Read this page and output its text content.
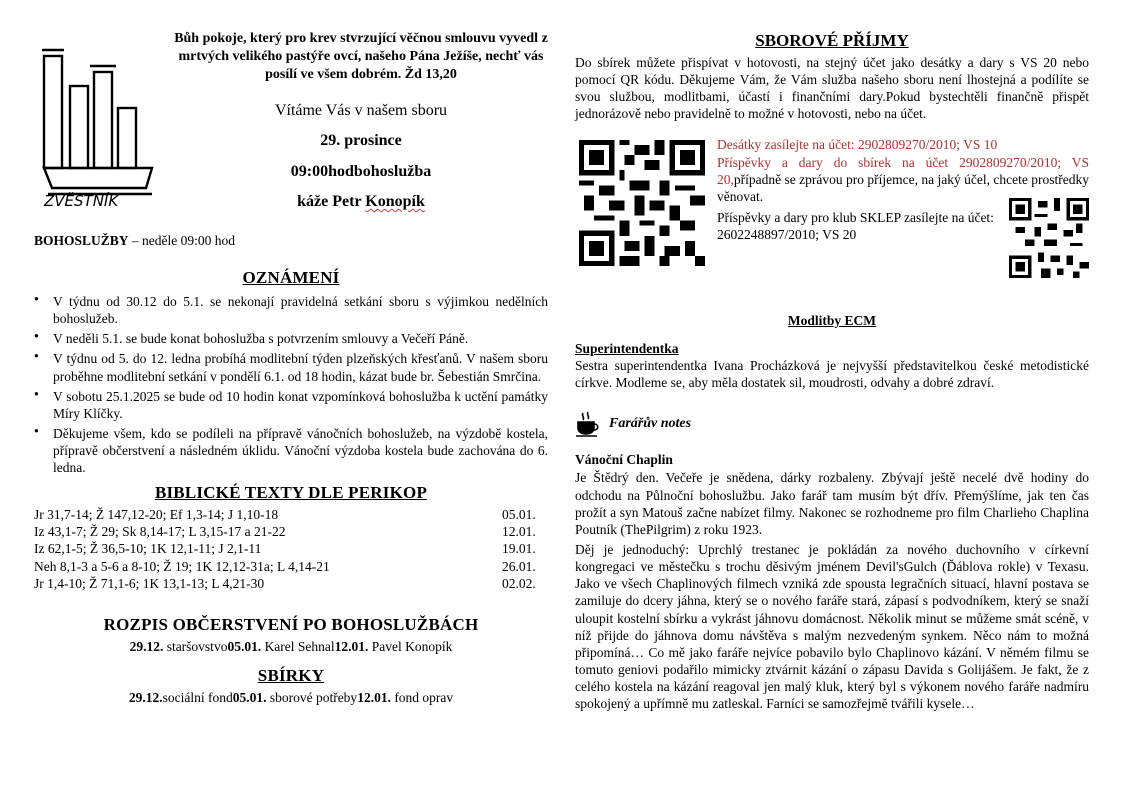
ZVĚSTNÍK
Bůh pokoje, který pro krev stvrzující věčnou smlouvu vyvedl z mrtvých velikého pastýře ovcí, našeho Pána Ježíše, nechť vás posílí ve všem dobrém. Žd 13,20
Vítáme Vás v našem sboru
29. prosince
09:00hodbohoslužba
káže Petr Konopík
BOHOSLUŽBY – neděle 09:00 hod
OZNÁMENÍ
● V týdnu od 30.12 do 5.1. se nekonají pravidelná setkání sboru s výjimkou nedělních bohoslužeb.
● V neděli 5.1. se bude konat bohoslužba s potvrzením smlouvy a Večeří Páně.
● V týdnu od 5. do 12. ledna probíhá modlitební týden plzeňských křesťanů. V našem sboru proběhne modlitební setkání v pondělí 6.1. od 18 hodin, kázat bude br. Šebestián Smrčina.
● V sobotu 25.1.2025 se bude od 10 hodin konat vzpomínková bohoslužba k uctění památky Míry Klíčky.
● Děkujeme všem, kdo se podíleli na přípravě vánočních bohoslužeb, na výzdobě kostela, přípravě občerstvení a následném úklidu. Vánoční výzdoba kostela bude zachována do 6. ledna.
BIBLICKÉ TEXTY DLE PERIKOP
Jr 31,7-14; Ž 147,12-20; Ef 1,3-14; J 1,10-18	05.01.
Iz 43,1-7; Ž 29; Sk 8,14-17; L 3,15-17 a 21-22	12.01.
Iz 62,1-5; Ž 36,5-10; 1K 12,1-11; J 2,1-11	19.01.
Neh 8,1-3 a 5-6 a 8-10; Ž 19; 1K 12,12-31a; L 4,14-21	26.01.
Jr 1,4-10; Ž 71,1-6; 1K 13,1-13; L 4,21-30	02.02.
ROZPIS OBČERSTVENÍ PO BOHOSLUŽBÁCH
29.12. staršovstvo05.01. Karel Sehnal12.01. Pavel Konopík
SBÍRKY
29.12.sociální fond05.01. sborové potřeby12.01. fond oprav
SBOROVÉ PŘÍJMY

Do sbírek můžete přispívat v hotovosti, na stejný účet jako desátky a dary s VS 20 nebo pomocí QR kódu. Děkujeme Vám, že Vám služba našeho sboru není lhostejná a podílíte se svou službou, modlitbami, účastí i finančními dary.Pokud bystechtěli finančně přispět jednorázově nebo pravidelně to možné v hotovosti, nebo na účet.

Desátky zasílejte na účet: 2902809270/2010; VS 10

Příspěvky a dary do sbírek na účet 2902809270/2010; VS 20,případně se zprávou pro příjemce, na jaký účel, chcete prostředky věnovat.

Příspěvky a dary pro klub SKLEP zasílejte na účet: 2602248897/2010; VS 20

Modlitby ECM
Superintendentka

Sestra superintendentka Ivana Procházková je nejvyšší představitelkou české metodistické církve. Modleme se, aby měla dostatek sil, moudrosti, odvahy a dobré zdraví.

Farářův notes
Vánoční Chaplin

Je Štědrý den. Večeře je snědena, dárky rozbaleny. Zbývají ještě necelé dvě hodiny do odchodu na Půlnoční bohoslužbu. Jako farář tam musím být dřív. Přemýšlíme, jak ten čas prožít a syn Matouš začne nabízet filmy. Nakonec se rozhodneme pro film Charlieho Chaplina Poutník (ThePilgrim) z roku 1923.

Děj je jednoduchý: Uprchlý trestanec je pokládán za nového duchovního v církevní kongregaci ve městečku s trochu děsivým jménem Devil'sGulch (Ďáblova rokle) v Texasu. Jako ve všech Chaplinových filmech vzniká zde spousta legračních situací, hlavní postava se zamiluje do dcery jáhna, který se o nového faráře stará, zápasí s podvodníkem, který se snaží uloupit kostelní sbírku a vykrást jáhnovu domácnost. Několik minut se můžeme smát scéně, v níž přijde do jáhnova domu návštěva s malým nezvedeným synkem. Něco nám to možná připomíná… Co mě jako faráře nejvíce pobavilo bylo Chaplinovo kázání. V němém filmu se tomuto geniovi podařilo mimicky ztvárnit kázání o zápasu Davida s Golijášem. Je fakt, že z celého kostela na kázání reagoval jen malý kluk, který byl s výkonem nového faráře nadmíru spokojený a upřímně mu zatleskal. Farníci se samozřejmě tvářili kysele…
